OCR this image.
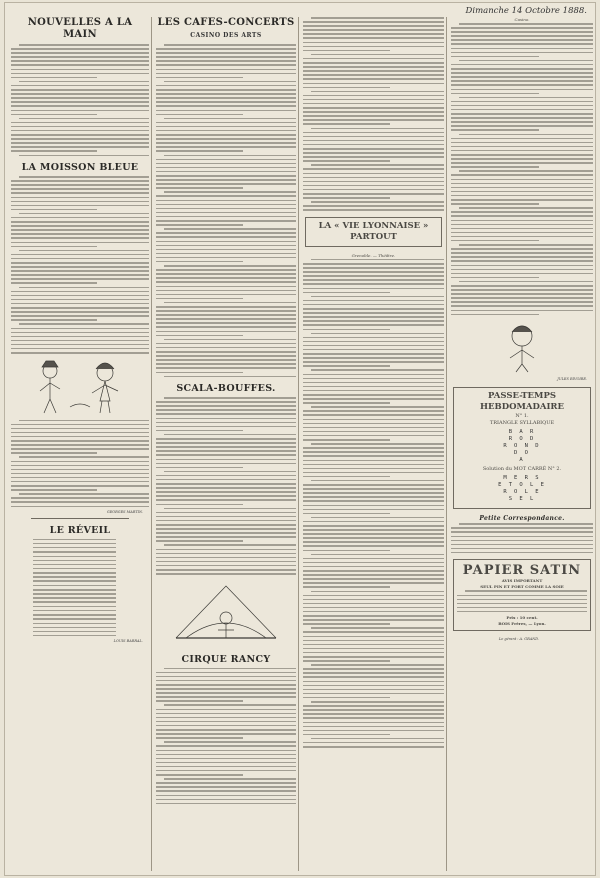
Dimanche 14 Octobre 1888.
NOUVELLES A LA MAIN
LA MOISSON BLEUE
GEORGES MARTIN.
LE RÉVEIL
LOUIS BARRAL.
LES CAFÉS-CONCERTS
CASINO DES ARTS
SCALA-BOUFFES.
CIRQUE RANCY
LA « VIE LYONNAISE » PARTOUT
Grenoble. — Théâtre.
Casino.
JULES RIVOIRE.
PASSE-TEMPS HEBDOMADAIRE
N° 1.
TRIANGLE SYLLABIQUE
B A R
R O D
R O N D
D O
A
Solution du MOT CARRÉ N° 2.
M E R S
E T O L E
R O L E
S E L
Petite Correspondance.
PAPIER SATIN
AVIS IMPORTANT
SEUL PIN ET FORT COMME LA SOIE
Prix : 10 cent.
BOIS Frères, — Lyon.
Le gérant : A. GRAND.
